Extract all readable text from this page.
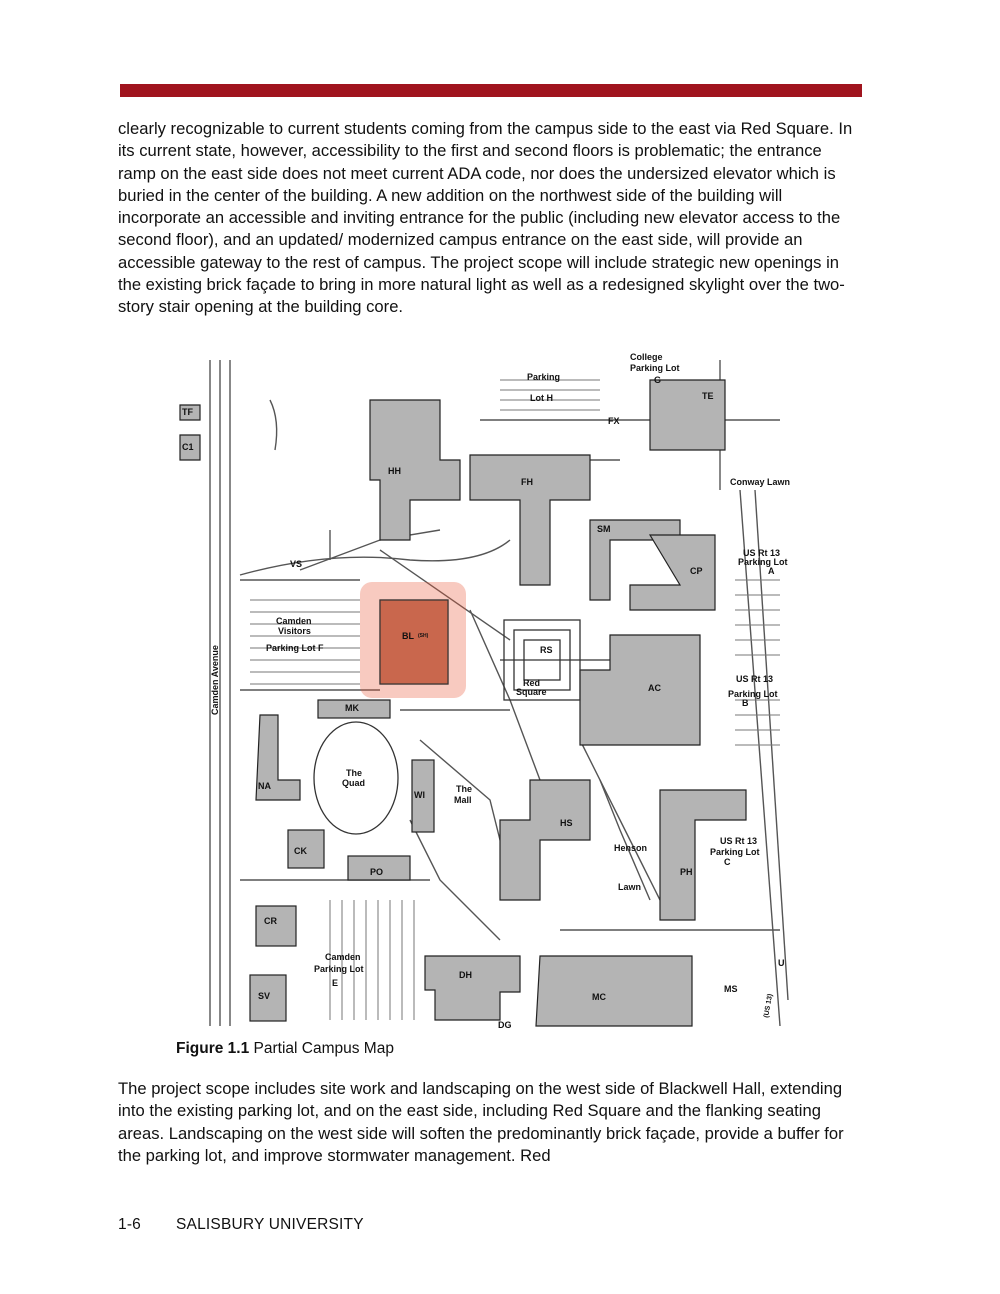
clearly recognizable to current students coming from the campus side to the east via Red Square. In its current state, however, accessibility to the first and second floors is problematic; the entrance ramp on the east side does not meet current ADA code, nor does the undersized elevator which is buried in the center of the building. A new addition on the northwest side of the building will incorporate an accessible and inviting entrance for the public (including new elevator access to the second floor), and an updated/ modernized campus entrance on the east side, will provide an accessible gateway to the rest of campus. The project scope will include strategic new openings in the existing brick façade to bring in more natural light as well as a redesigned skylight over the two-story stair opening at the building core.

Parking
Lot H
College
Parking Lot
G
TE
FX
TF
C1
HH
FH	Conway Lawn
SM
CP
US Rt 13
Parking Lot
A
VS
Camden
Visitors
Parking Lot F
BL (SH)
RS
Red
Square	AC
US Rt 13
Parking Lot
B
Camden Avenue	MK
The
Quad
NA
WI
The
Mall
HS
Henson
Lawn
US Rt 13
Parking Lot
C
PH
CK
PO
CR
Camden
Parking Lot
E
DH
MC
MS
SV
DG
U
(US 13)
Figure 1.1 Partial Campus Map

The project scope includes site work and landscaping on the west side of Blackwell Hall, extending into the existing parking lot, and on the east side, including Red Square and the flanking seating areas. Landscaping on the west side will soften the predominantly brick façade, provide a buffer for the parking lot, and improve stormwater management. Red

1-6 SALISBURY UNIVERSITY
